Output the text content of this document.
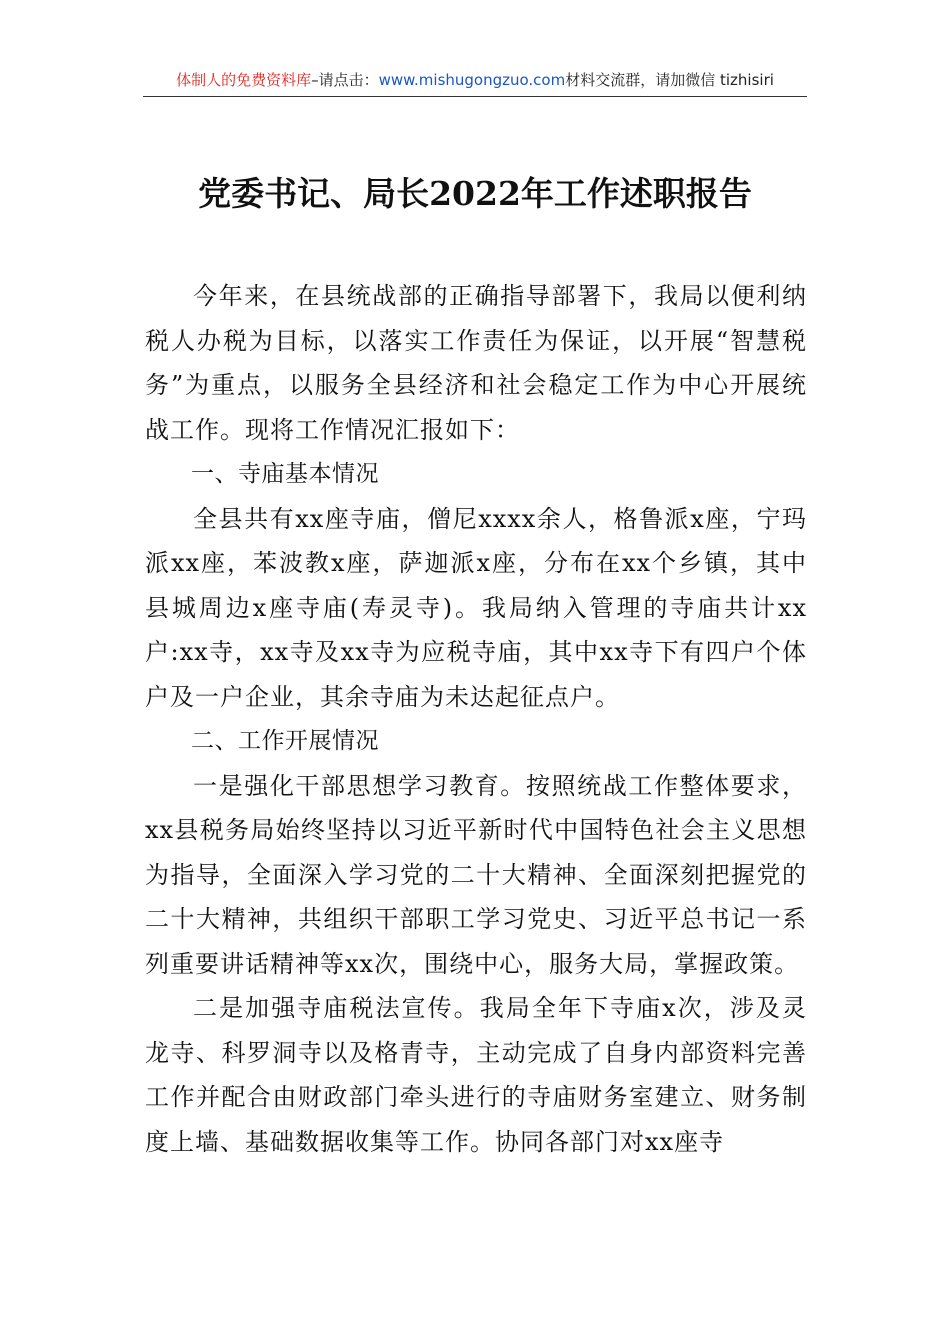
体制人的免费资料库–请点击：www.mishugongzuo.com材料交流群，请加微信 tizhisiri
党委书记、局长2022年工作述职报告

今年来，在县统战部的正确指导部署下，我局以便利纳税人办税为目标，以落实工作责任为保证，以开展“智慧税务”为重点，以服务全县经济和社会稳定工作为中心开展统战工作。现将工作情况汇报如下：

一、寺庙基本情况

全县共有xx座寺庙，僧尼xxxx余人，格鲁派x座，宁玛派xx座，苯波教x座，萨迦派x座，分布在xx个乡镇，其中县城周边x座寺庙(寿灵寺)。我局纳入管理的寺庙共计xx户:xx寺，xx寺及xx寺为应税寺庙，其中xx寺下有四户个体户及一户企业，其余寺庙为未达起征点户。

二、工作开展情况

一是强化干部思想学习教育。按照统战工作整体要求，xx县税务局始终坚持以习近平新时代中国特色社会主义思想为指导，全面深入学习党的二十大精神、全面深刻把握党的二十大精神，共组织干部职工学习党史、习近平总书记一系列重要讲话精神等xx次，围绕中心，服务大局，掌握政策。

二是加强寺庙税法宣传。我局全年下寺庙x次，涉及灵龙寺、科罗洞寺以及格青寺，主动完成了自身内部资料完善工作并配合由财政部门牵头进行的寺庙财务室建立、财务制度上墙、基础数据收集等工作。协同各部门对xx座寺
